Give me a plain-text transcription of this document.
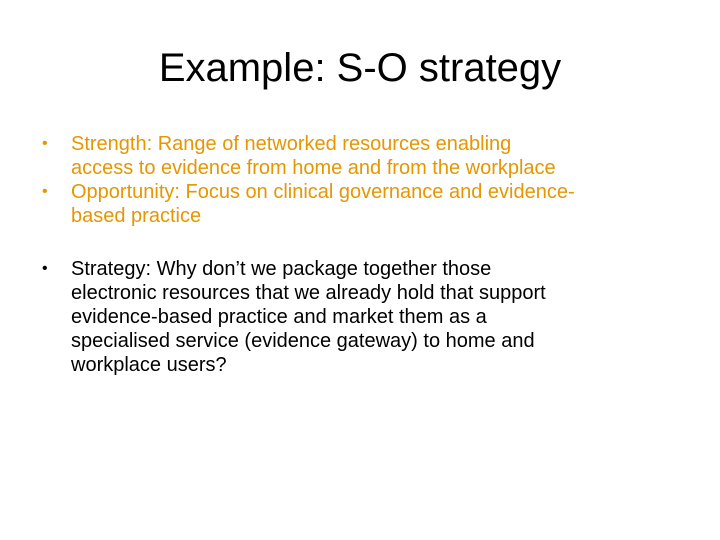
Example: S-O strategy
•	Strength: Range of networked resources enabling
access to evidence from home and from the workplace
•	Opportunity: Focus on clinical governance and evidence-
based practice
•	Strategy: Why don’t we package together those
electronic resources that we already hold that support
evidence-based practice and market them as a
specialised service (evidence gateway) to home and
workplace users?
